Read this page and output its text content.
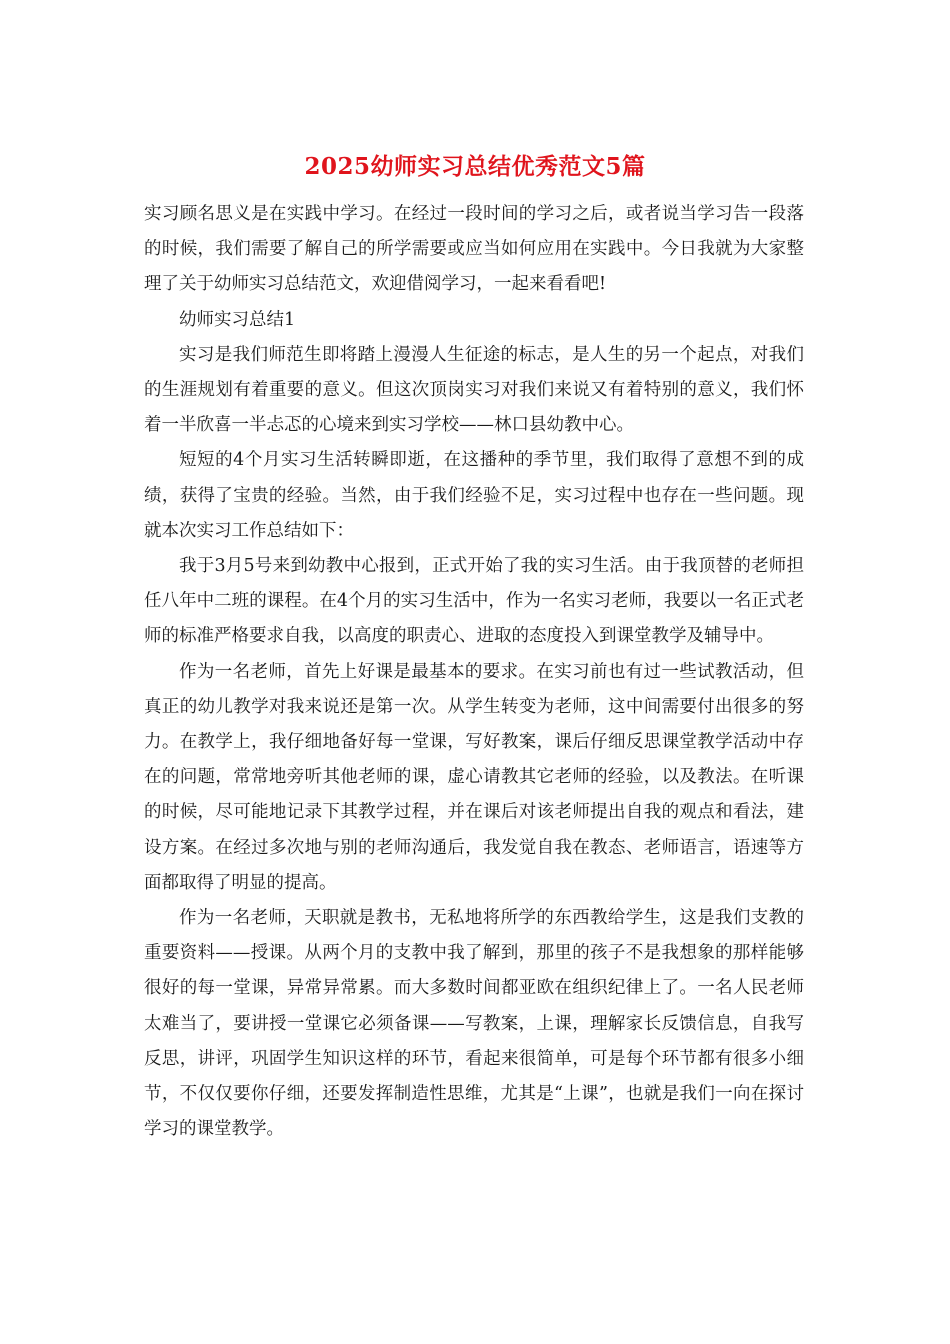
2025幼师实习总结优秀范文5篇

实习顾名思义是在实践中学习。在经过一段时间的学习之后，或者说当学习告一段落的时候，我们需要了解自己的所学需要或应当如何应用在实践中。今日我就为大家整理了关于幼师实习总结范文，欢迎借阅学习，一起来看看吧!

幼师实习总结1

实习是我们师范生即将踏上漫漫人生征途的标志，是人生的另一个起点，对我们的生涯规划有着重要的意义。但这次顶岗实习对我们来说又有着特别的意义，我们怀着一半欣喜一半忐忑的心境来到实习学校——林口县幼教中心。

短短的4个月实习生活转瞬即逝，在这播种的季节里，我们取得了意想不到的成绩，获得了宝贵的经验。当然，由于我们经验不足，实习过程中也存在一些问题。现就本次实习工作总结如下：

我于3月5号来到幼教中心报到，正式开始了我的实习生活。由于我顶替的老师担任八年中二班的课程。在4个月的实习生活中，作为一名实习老师，我要以一名正式老师的标准严格要求自我，以高度的职责心、进取的态度投入到课堂教学及辅导中。

作为一名老师，首先上好课是最基本的要求。在实习前也有过一些试教活动，但真正的幼儿教学对我来说还是第一次。从学生转变为老师，这中间需要付出很多的努力。在教学上，我仔细地备好每一堂课，写好教案，课后仔细反思课堂教学活动中存在的问题，常常地旁听其他老师的课，虚心请教其它老师的经验，以及教法。在听课的时候，尽可能地记录下其教学过程，并在课后对该老师提出自我的观点和看法，建设方案。在经过多次地与别的老师沟通后，我发觉自我在教态、老师语言，语速等方面都取得了明显的提高。

作为一名老师，天职就是教书，无私地将所学的东西教给学生，这是我们支教的重要资料——授课。从两个月的支教中我了解到，那里的孩子不是我想象的那样能够很好的每一堂课，异常异常累。而大多数时间都亚欧在组织纪律上了。一名人民老师太难当了，要讲授一堂课它必须备课——写教案，上课，理解家长反馈信息，自我写反思，讲评，巩固学生知识这样的环节，看起来很简单，可是每个环节都有很多小细节，不仅仅要你仔细，还要发挥制造性思维，尤其是“上课”，也就是我们一向在探讨学习的课堂教学。
